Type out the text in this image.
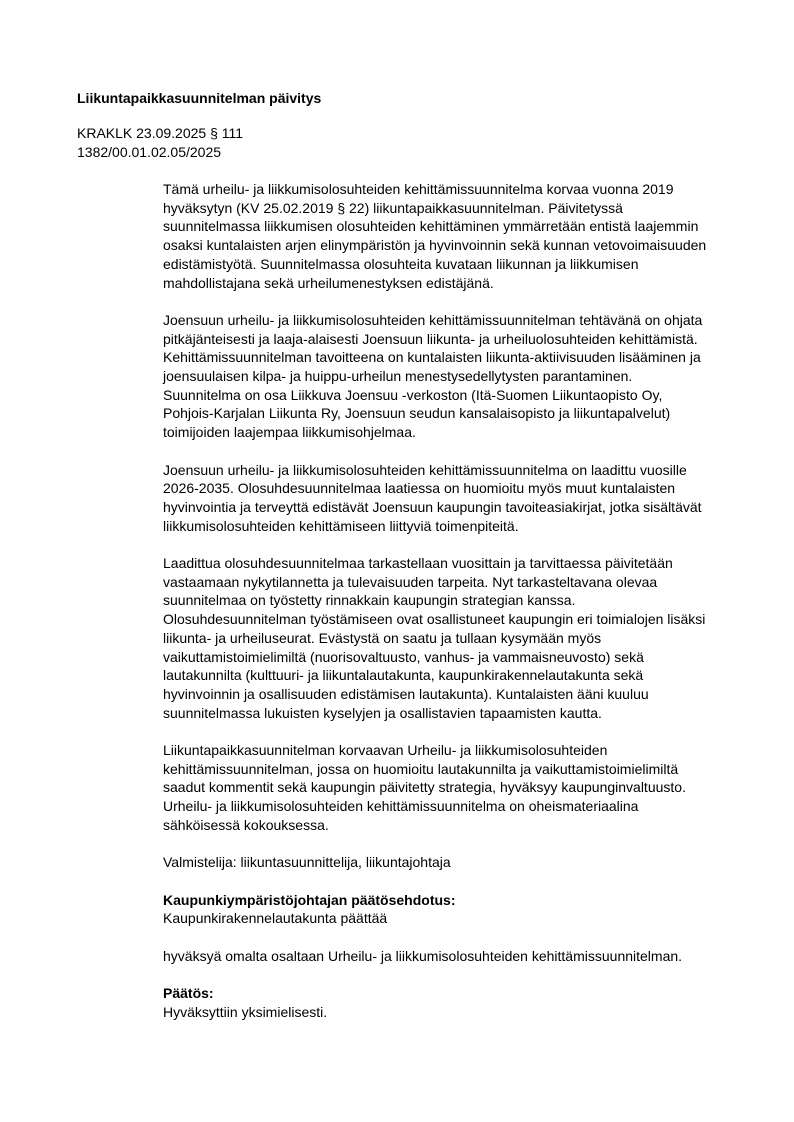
Liikuntapaikkasuunnitelman päivitys
KRAKLK 23.09.2025 § 111
1382/00.01.02.05/2025
Tämä urheilu- ja liikkumisolosuhteiden kehittämissuunnitelma korvaa vuonna 2019
hyväksytyn (KV 25.02.2019 § 22) liikuntapaikkasuunnitelman. Päivitetyssä
suunnitelmassa liikkumisen olosuhteiden kehittäminen ymmärretään entistä laajemmin
osaksi kuntalaisten arjen elinympäristön ja hyvinvoinnin sekä kunnan vetovoimaisuuden
edistämistyötä. Suunnitelmassa olosuhteita kuvataan liikunnan ja liikkumisen
mahdollistajana sekä urheilumenestyksen edistäjänä.
Joensuun urheilu- ja liikkumisolosuhteiden kehittämissuunnitelman tehtävänä on ohjata
pitkäjänteisesti ja laaja-alaisesti Joensuun liikunta- ja urheiluolosuhteiden kehittämistä.
Kehittämissuunnitelman tavoitteena on kuntalaisten liikunta-aktiivisuuden lisääminen ja
joensuulaisen kilpa- ja huippu-urheilun menestysedellytysten parantaminen.
Suunnitelma on osa Liikkuva Joensuu -verkoston (Itä-Suomen Liikuntaopisto Oy,
Pohjois-Karjalan Liikunta Ry, Joensuun seudun kansalaisopisto ja liikuntapalvelut)
toimijoiden laajempaa liikkumisohjelmaa.
Joensuun urheilu- ja liikkumisolosuhteiden kehittämissuunnitelma on laadittu vuosille
2026-2035. Olosuhdesuunnitelmaa laatiessa on huomioitu myös muut kuntalaisten
hyvinvointia ja terveyttä edistävät Joensuun kaupungin tavoiteasiakirjat, jotka sisältävät
liikkumisolosuhteiden kehittämiseen liittyviä toimenpiteitä.
Laadittua olosuhdesuunnitelmaa tarkastellaan vuosittain ja tarvittaessa päivitetään
vastaamaan nykytilannetta ja tulevaisuuden tarpeita. Nyt tarkasteltavana olevaa
suunnitelmaa on työstetty rinnakkain kaupungin strategian kanssa.
Olosuhdesuunnitelman työstämiseen ovat osallistuneet kaupungin eri toimialojen lisäksi
liikunta- ja urheiluseurat. Evästystä on saatu ja tullaan kysymään myös
vaikuttamistoimielimiltä (nuorisovaltuusto, vanhus- ja vammaisneuvosto) sekä
lautakunnilta (kulttuuri- ja liikuntalautakunta, kaupunkirakennelautakunta sekä
hyvinvoinnin ja osallisuuden edistämisen lautakunta). Kuntalaisten ääni kuuluu
suunnitelmassa lukuisten kyselyjen ja osallistavien tapaamisten kautta.
Liikuntapaikkasuunnitelman korvaavan Urheilu- ja liikkumisolosuhteiden
kehittämissuunnitelman, jossa on huomioitu lautakunnilta ja vaikuttamistoimielimiltä
saadut kommentit sekä kaupungin päivitetty strategia, hyväksyy kaupunginvaltuusto.
Urheilu- ja liikkumisolosuhteiden kehittämissuunnitelma on oheismateriaalina
sähköisessä kokouksessa.
Valmistelija: liikuntasuunnittelija, liikuntajohtaja
Kaupunkiympäristöjohtajan päätösehdotus:
Kaupunkirakennelautakunta päättää
hyväksyä omalta osaltaan Urheilu- ja liikkumisolosuhteiden kehittämissuunnitelman.
Päätös:
Hyväksyttiin yksimielisesti.
